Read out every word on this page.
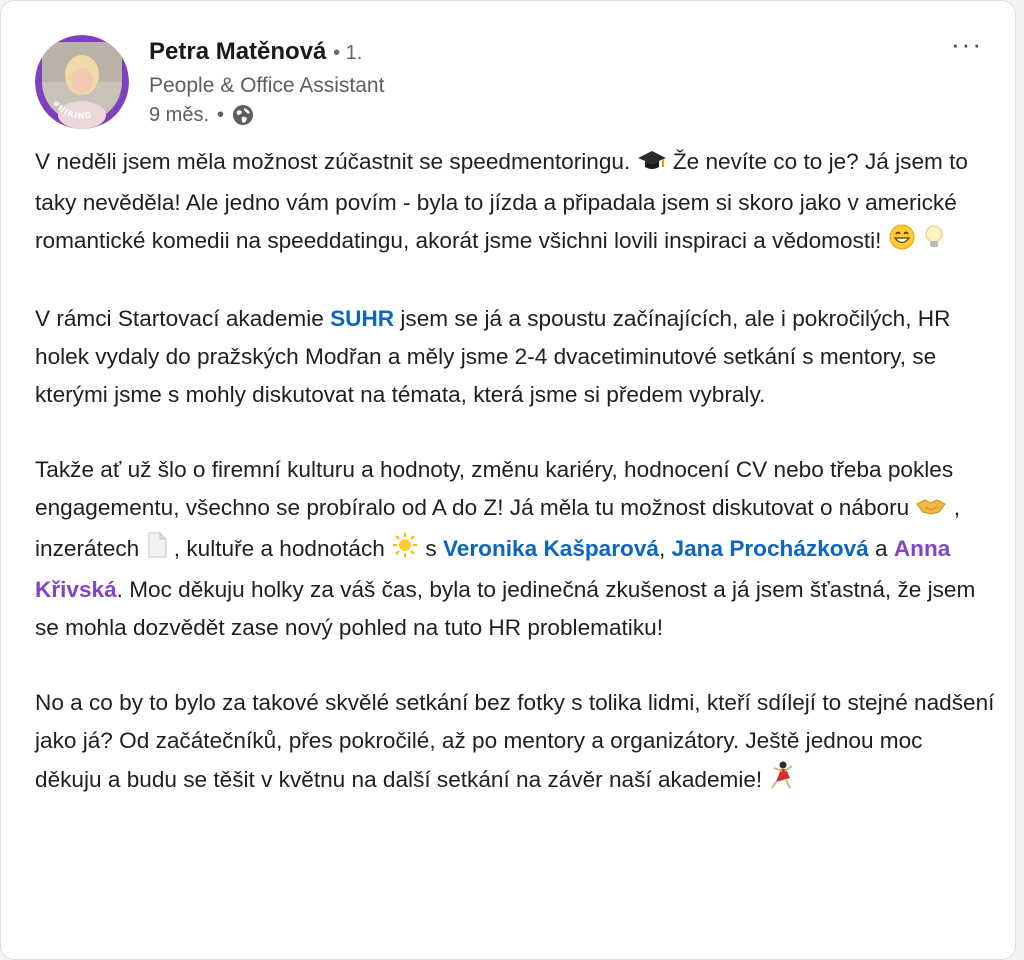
#HIRING
Petra Matěnová • 1.
People & Office Assistant
9 měs. •
···

V neděli jsem měla možnost zúčastnit se speedmentoringu.  Že nevíte co to je? Já jsem to taky nevěděla! Ale jedno vám povím - byla to jízda a připadala jsem si skoro jako v americké romantické komedii na speeddatingu, akorát jsme všichni lovili inspiraci a vědomosti!

V rámci Startovací akademie SUHR jsem se já a spoustu začínajících, ale i pokročilých, HR holek vydaly do pražských Modřan a měly jsme 2-4 dvacetiminutové setkání s mentory, se kterými jsme s mohly diskutovat na témata, která jsme si předem vybraly.

Takže ať už šlo o firemní kulturu a hodnoty, změnu kariéry, hodnocení CV nebo třeba pokles engagementu, všechno se probíralo od A do Z! Já měla tu možnost diskutovat o náboru  , inzerátech  , kultuře a hodnotách  s Veronika Kašparová, Jana Procházková a Anna Křivská. Moc děkuju holky za váš čas, byla to jedinečná zkušenost a já jsem šťastná, že jsem se mohla dozvědět zase nový pohled na tuto HR problematiku!

No a co by to bylo za takové skvělé setkání bez fotky s tolika lidmi, kteří sdílejí to stejné nadšení jako já? Od začátečníků, přes pokročilé, až po mentory a organizátory. Ještě jednou moc děkuju a budu se těšit v květnu na další setkání na závěr naší akademie!
